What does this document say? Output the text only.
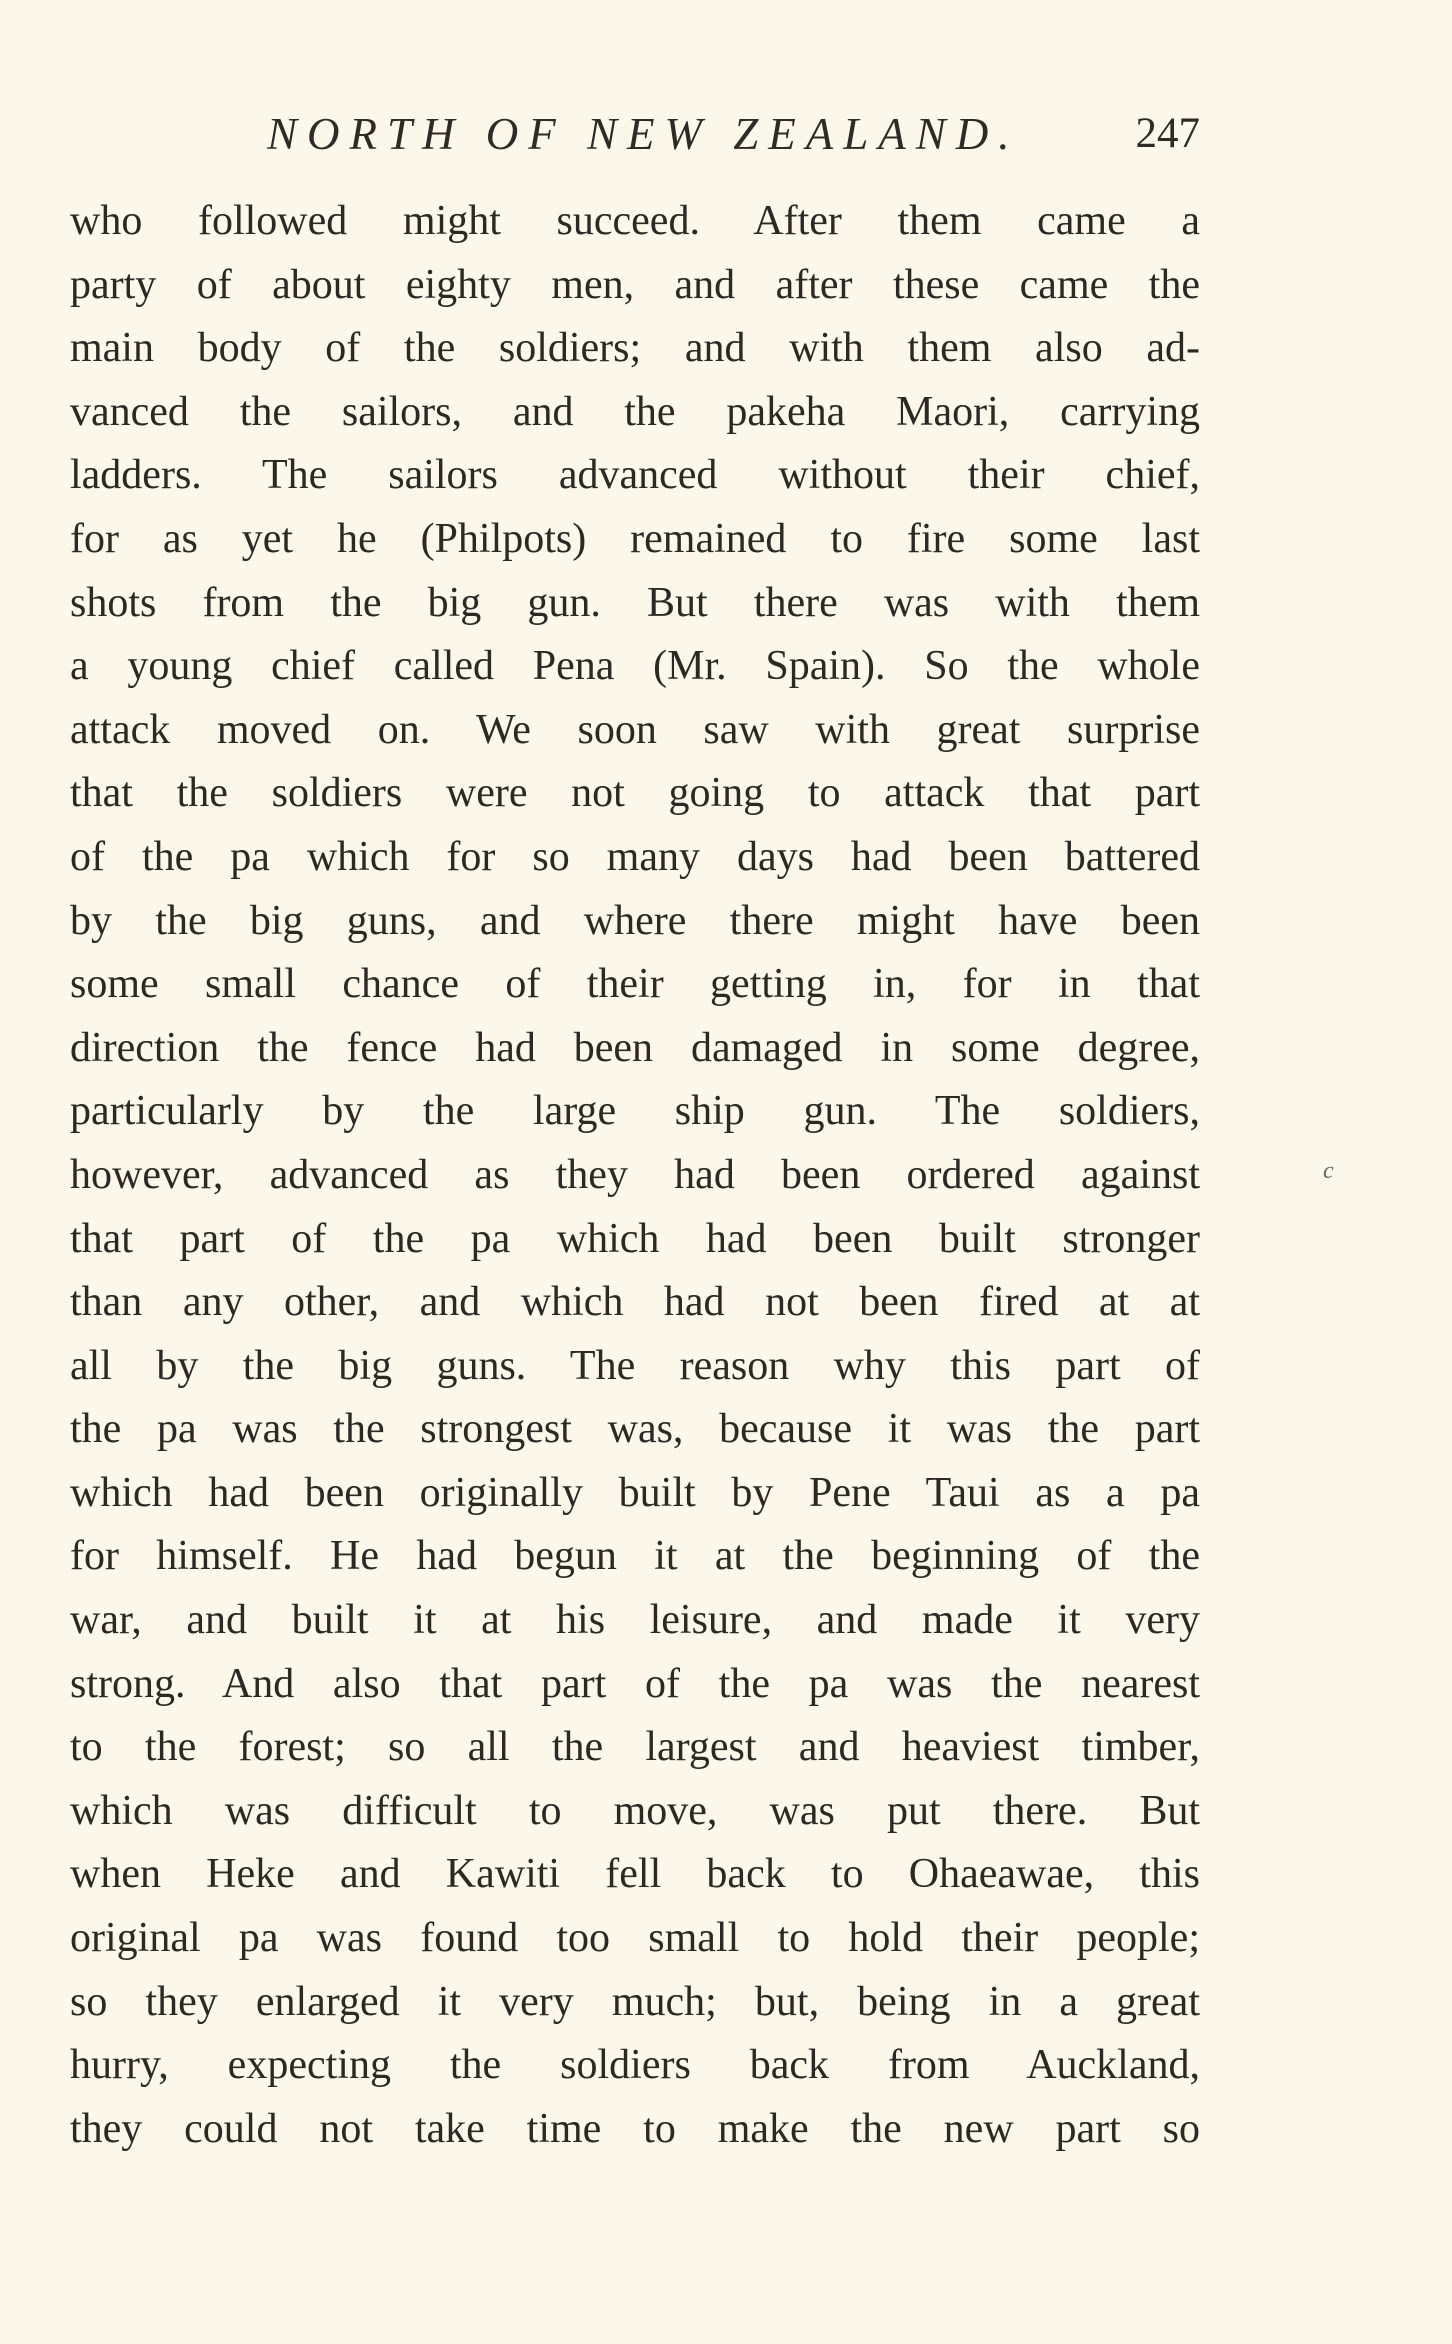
NORTH OF NEW ZEALAND.	247
who followed might succeed. After them came a
party of about eighty men, and after these came the
main body of the soldiers; and with them also ad-
vanced the sailors, and the pakeha Maori, carrying
ladders. The sailors advanced without their chief,
for as yet he (Philpots) remained to fire some last
shots from the big gun. But there was with them
a young chief called Pena (Mr. Spain). So the whole
attack moved on. We soon saw with great surprise
that the soldiers were not going to attack that part
of the pa which for so many days had been battered
by the big guns, and where there might have been
some small chance of their getting in, for in that
direction the fence had been damaged in some degree,
particularly by the large ship gun. The soldiers,
however, advanced as they had been ordered against
that part of the pa which had been built stronger
than any other, and which had not been fired at at
all by the big guns. The reason why this part of
the pa was the strongest was, because it was the part
which had been originally built by Pene Taui as a pa
for himself. He had begun it at the beginning of the
war, and built it at his leisure, and made it very
strong. And also that part of the pa was the nearest
to the forest; so all the largest and heaviest timber,
which was difficult to move, was put there. But
when Heke and Kawiti fell back to Ohaeawae, this
original pa was found too small to hold their people;
so they enlarged it very much; but, being in a great
hurry, expecting the soldiers back from Auckland,
they could not take time to make the new part so
c
